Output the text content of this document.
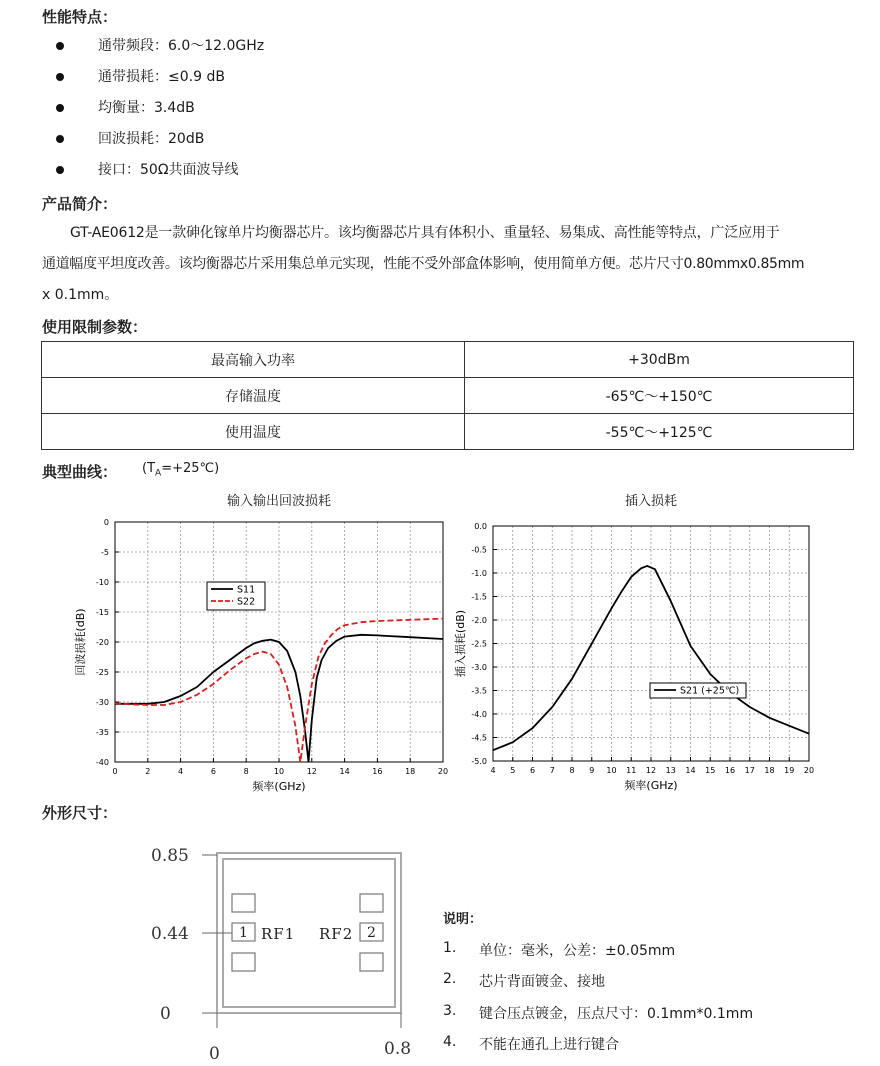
性能特点：
通带频段：6.0～12.0GHz
通带损耗：≤0.9 dB
均衡量：3.4dB
回波损耗：20dB
接口：50Ω共面波导线
产品简介：
GT-AE0612是一款砷化镓单片均衡器芯片。该均衡器芯片具有体积小、重量轻、易集成、高性能等特点，广泛应用于
通道幅度平坦度改善。该均衡器芯片采用集总单元实现，性能不受外部盒体影响，使用简单方便。芯片尺寸0.80mmx0.85mm
x 0.1mm。
使用限制参数：
最高输入功率	+30dBm
存储温度	-65℃～+150℃
使用温度	-55℃～+125℃
典型曲线： $(T_A=+25℃)$
输入输出回波损耗
0	2	4	6	8	10	12	14	16	18	20
0
-5
-10
-15
-20
-25
-30
-35
-40
频率(GHz)
回波损耗(dB)
S11
S22
插入损耗
4 5 6 7 8 9 10 11 12 13 14 15 16 17 18 19 20
0.0
-0.5
-1.0
-1.5
-2.0
-2.5
-3.0
-3.5
-4.0
-4.5
-5.0
频率(GHz)
插入损耗(dB)
S21 (+25℃)
外形尺寸：
0.85
0.44
0
0	0.8
1	2
RF1 RF2
说明：
1. 单位：毫米，公差：±0.05mm
2. 芯片背面镀金、接地
3. 键合压点镀金，压点尺寸：0.1mm*0.1mm
4. 不能在通孔上进行键合
